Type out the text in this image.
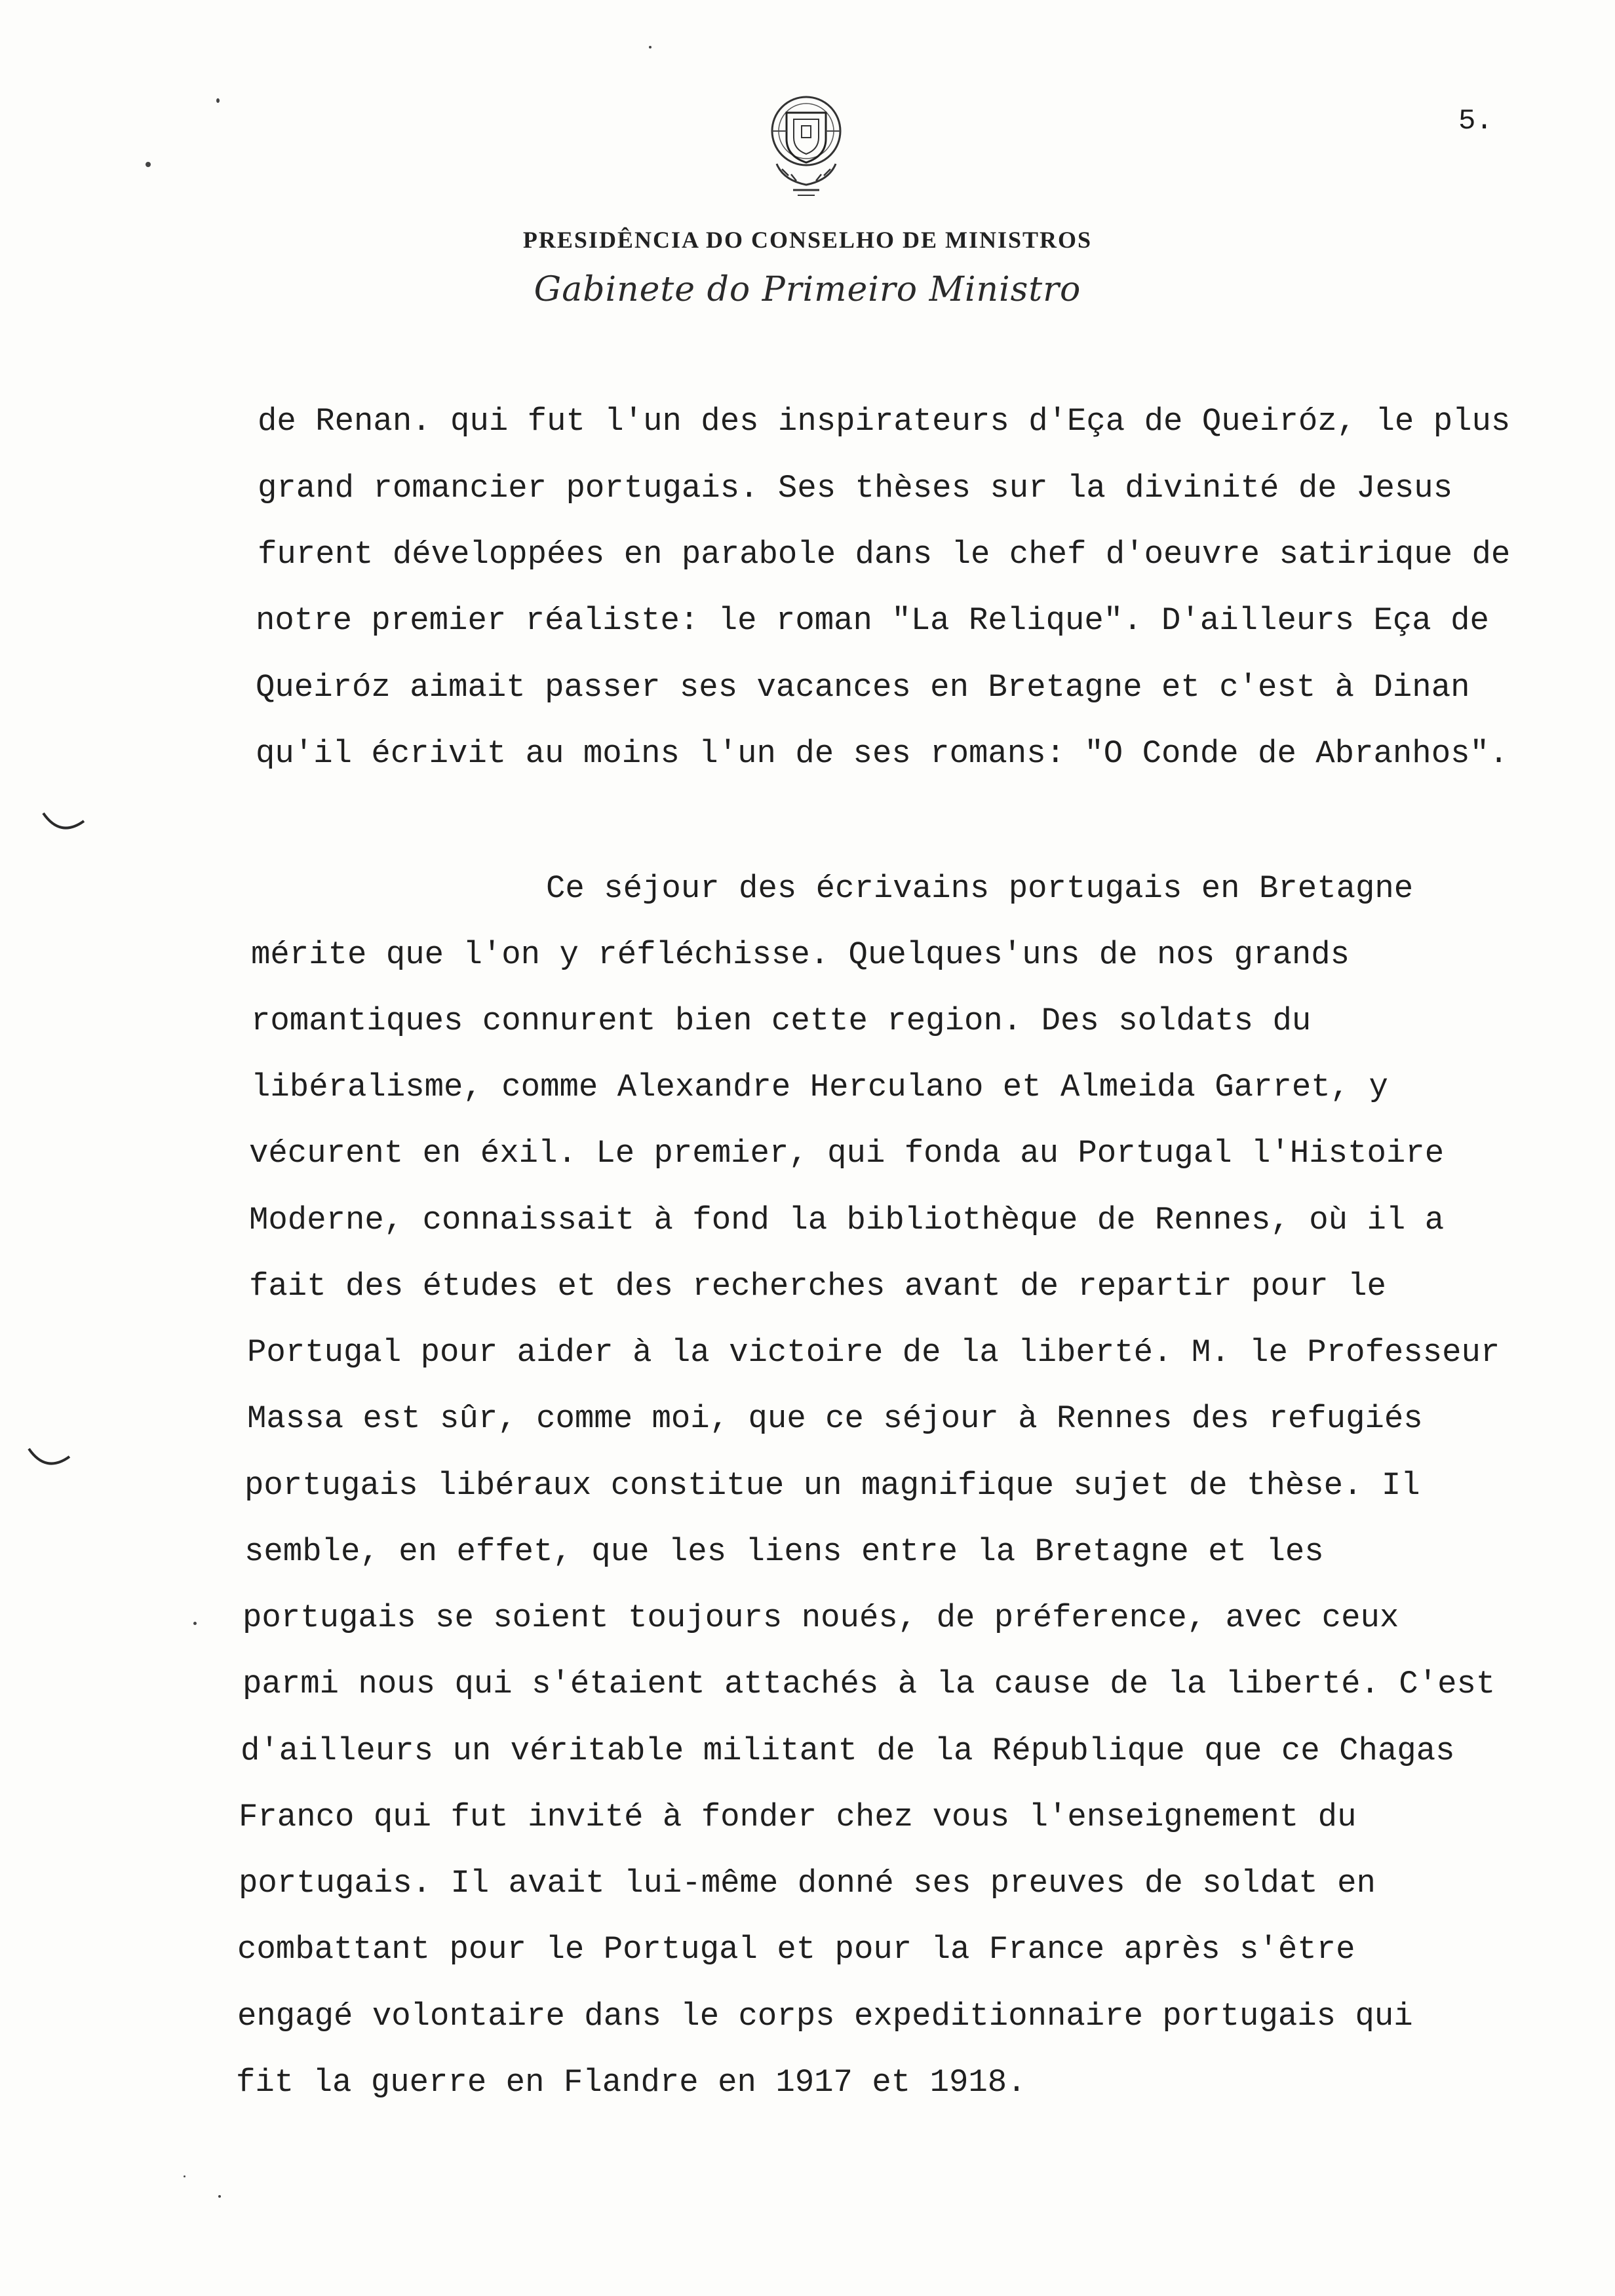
5.
PRESIDÊNCIA DO CONSELHO DE MINISTROS
Gabinete do Primeiro Ministro
de Renan. qui fut l'un des inspirateurs d'Eça de Queiróz, le plus
grand romancier portugais. Ses thèses sur la divinité de Jesus
furent développées en parabole dans le chef d'oeuvre satirique de
notre premier réaliste: le roman "La Relique". D'ailleurs Eça de
Queiróz aimait passer ses vacances en Bretagne et c'est à Dinan
qu'il écrivit au moins l'un de ses romans: "O Conde de Abranhos".
Ce séjour des écrivains portugais en Bretagne
mérite que l'on y réfléchisse. Quelques'uns de nos grands
romantiques connurent bien cette region. Des soldats du
libéralisme, comme Alexandre Herculano et Almeida Garret, y
vécurent en éxil. Le premier, qui fonda au Portugal l'Histoire
Moderne, connaissait à fond la bibliothèque de Rennes, où il a
fait des études et des recherches avant de repartir pour le
Portugal pour aider à la victoire de la liberté. M. le Professeur
Massa est sûr, comme moi, que ce séjour à Rennes des refugiés
portugais libéraux constitue un magnifique sujet de thèse. Il
semble, en effet, que les liens entre la Bretagne et les
portugais se soient toujours noués, de préference, avec ceux
parmi nous qui s'étaient attachés à la cause de la liberté. C'est
d'ailleurs un véritable militant de la République que ce Chagas
Franco qui fut invité à fonder chez vous l'enseignement du
portugais. Il avait lui-même donné ses preuves de soldat en
combattant pour le Portugal et pour la France après s'être
engagé volontaire dans le corps expeditionnaire portugais qui
fit la guerre en Flandre en 1917 et 1918.
